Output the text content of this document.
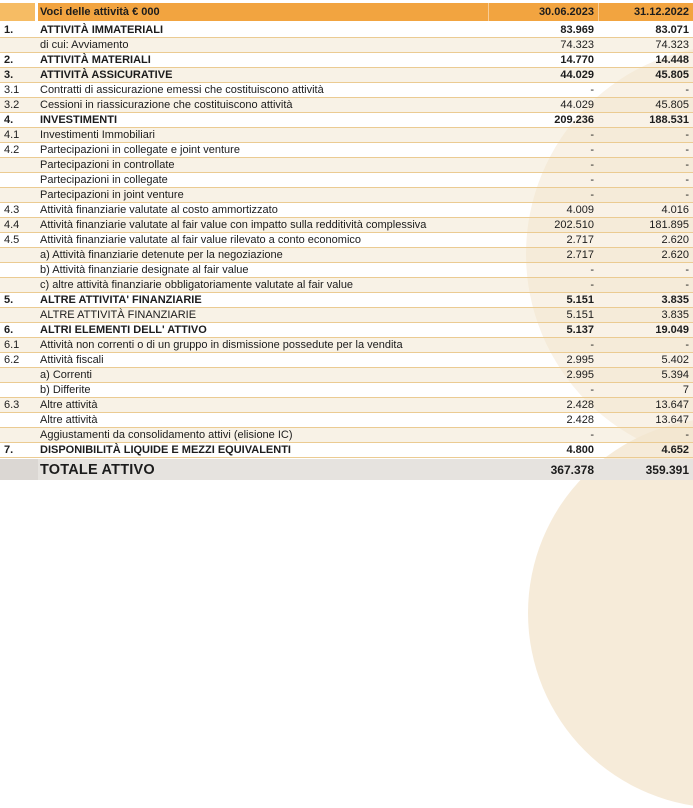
Voci delle attività € 000	30.06.2023	31.12.2022
1.	ATTIVITÀ IMMATERIALI	83.969	83.071
di cui: Avviamento	74.323	74.323
2.	ATTIVITÀ MATERIALI	14.770	14.448
3.	ATTIVITÀ ASSICURATIVE	44.029	45.805
3.1	Contratti di assicurazione emessi che costituiscono attività	-	-
3.2	Cessioni in riassicurazione che costituiscono attività	44.029	45.805
4.	INVESTIMENTI	209.236	188.531
4.1	Investimenti Immobiliari	-	-
4.2	Partecipazioni in collegate e joint venture	-	-
Partecipazioni in controllate	-	-
Partecipazioni in collegate	-	-
Partecipazioni in joint venture	-	-
4.3	Attività finanziarie valutate al costo ammortizzato	4.009	4.016
4.4	Attività finanziarie valutate al fair value con impatto sulla redditività complessiva	202.510	181.895
4.5	Attività finanziarie valutate al fair value rilevato a conto economico	2.717	2.620
a) Attività finanziarie detenute per la negoziazione	2.717	2.620
b) Attività finanziarie designate al fair value	-	-
c) altre attività finanziarie obbligatoriamente valutate al fair value	-	-
5.	ALTRE ATTIVITA' FINANZIARIE	5.151	3.835
ALTRE ATTIVITÀ FINANZIARIE	5.151	3.835
6.	ALTRI ELEMENTI DELL' ATTIVO	5.137	19.049
6.1	Attività non correnti o di un gruppo in dismissione possedute per la vendita	-	-
6.2	Attività fiscali	2.995	5.402
a) Correnti	2.995	5.394
b) Differite	-	7
6.3	Altre attività	2.428	13.647
Altre attività	2.428	13.647
Aggiustamenti da consolidamento attivi (elisione IC)	-	-
7.	DISPONIBILITÀ LIQUIDE E MEZZI EQUIVALENTI	4.800	4.652
TOTALE ATTIVO	367.378	359.391
